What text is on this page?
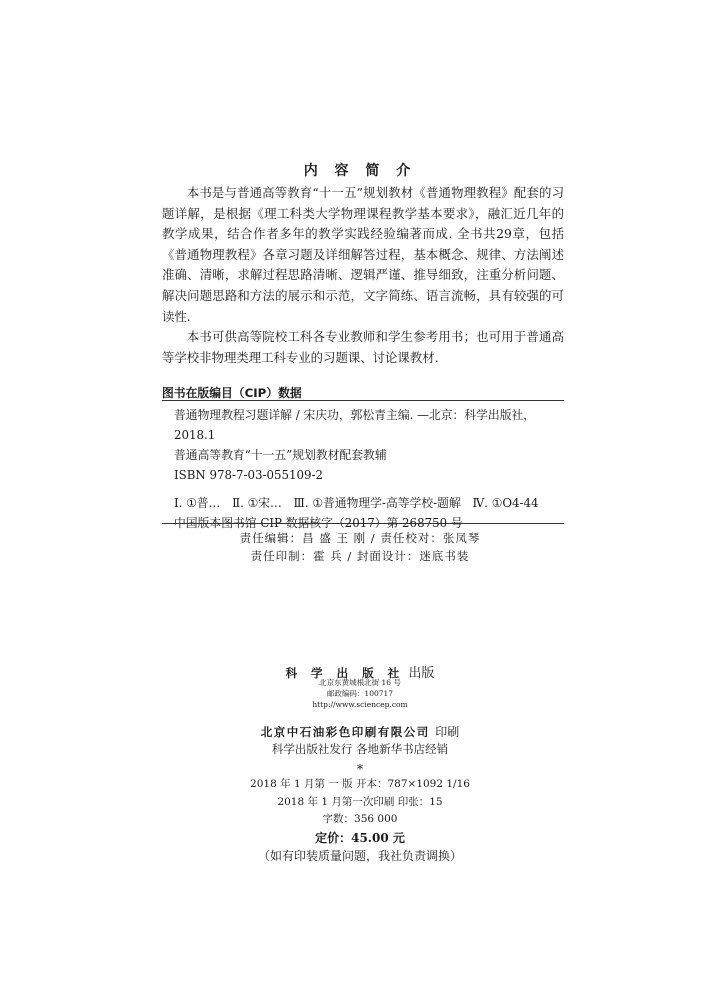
内 容 简 介

本书是与普通高等教育“十一五”规划教材《普通物理教程》配套的习题详解，是根据《理工科类大学物理课程教学基本要求》，融汇近几年的教学成果，结合作者多年的教学实践经验编著而成. 全书共29章，包括《普通物理教程》各章习题及详细解答过程，基本概念、规律、方法阐述准确、清晰，求解过程思路清晰、逻辑严谨、推导细致，注重分析问题、解决问题思路和方法的展示和示范，文字简练、语言流畅，具有较强的可读性.

本书可供高等院校工科各专业教师和学生参考用书；也可用于普通高等学校非物理类理工科专业的习题课、讨论课教材.

图书在版编目（CIP）数据
普通物理教程习题详解 / 宋庆功，郭松青主编. —北京：科学出版社，2018.1
普通高等教育“十一五”规划教材配套教辅
ISBN 978-7-03-055109-2
Ⅰ. ①普… Ⅱ. ①宋… Ⅲ. ①普通物理学-高等学校-题解 Ⅳ. ①O4-44
中国版本图书馆 CIP 数据核字（2017）第 268750 号
责任编辑：昌 盛 王 刚 / 责任校对：张凤琴
责任印制：霍 兵 / 封面设计：迷底书装
科 学 出 版 社 出版
北京东黄城根北街 16 号
邮政编码：100717
http://www.sciencep.com
北京中石油彩色印刷有限公司 印刷
科学出版社发行 各地新华书店经销
*
2018 年 1 月第 一 版 开本：787×1092 1/16
2018 年 1 月第一次印刷 印张：15
字数：356 000
定价：45.00 元
（如有印装质量问题，我社负责调换）
